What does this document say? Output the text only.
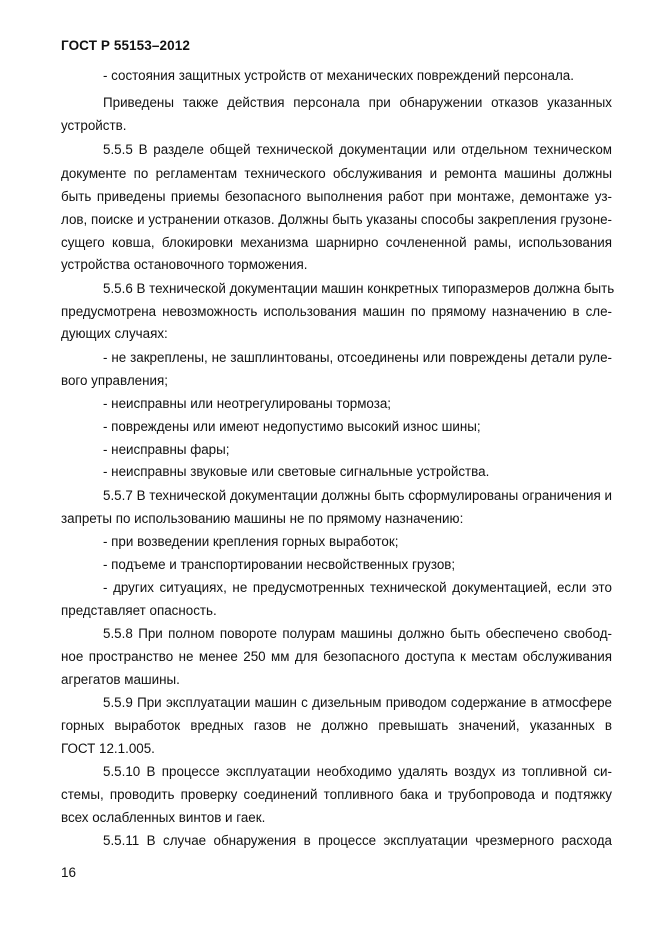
ГОСТ Р 55153–2012
- состояния защитных устройств от механических повреждений персонала.
Приведены также действия персонала при обнаружении отказов указанных
устройств.
5.5.5 В разделе общей технической документации или отдельном техническом
документе по регламентам технического обслуживания и ремонта машины должны
быть приведены приемы безопасного выполнения работ при монтаже, демонтаже уз-
лов, поиске и устранении отказов. Должны быть указаны способы закрепления грузоне-
сущего ковша, блокировки механизма шарнирно сочлененной рамы, использования
устройства остановочного торможения.
5.5.6 В технической документации машин конкретных типоразмеров должна быть
предусмотрена невозможность использования машин по прямому назначению в сле-
дующих случаях:
- не закреплены, не зашплинтованы, отсоединены или повреждены детали руле-
вого управления;
- неисправны или неотрегулированы тормоза;
- повреждены или имеют недопустимо высокий износ шины;
- неисправны фары;
- неисправны звуковые или световые сигнальные устройства.
5.5.7 В технической документации должны быть сформулированы ограничения и
запреты по использованию машины не по прямому назначению:
- при возведении крепления горных выработок;
- подъеме и транспортировании несвойственных грузов;
- других ситуациях, не предусмотренных технической документацией, если это
представляет опасность.
5.5.8 При полном повороте полурам машины должно быть обеспечено свобод-
ное пространство не менее 250 мм для безопасного доступа к местам обслуживания
агрегатов машины.
5.5.9 При эксплуатации машин с дизельным приводом содержание в атмосфере
горных выработок вредных газов не должно превышать значений, указанных в
ГОСТ 12.1.005.
5.5.10 В процессе эксплуатации необходимо удалять воздух из топливной си-
стемы, проводить проверку соединений топливного бака и трубопровода и подтяжку
всех ослабленных винтов и гаек.
5.5.11 В случае обнаружения в процессе эксплуатации чрезмерного расхода
16
